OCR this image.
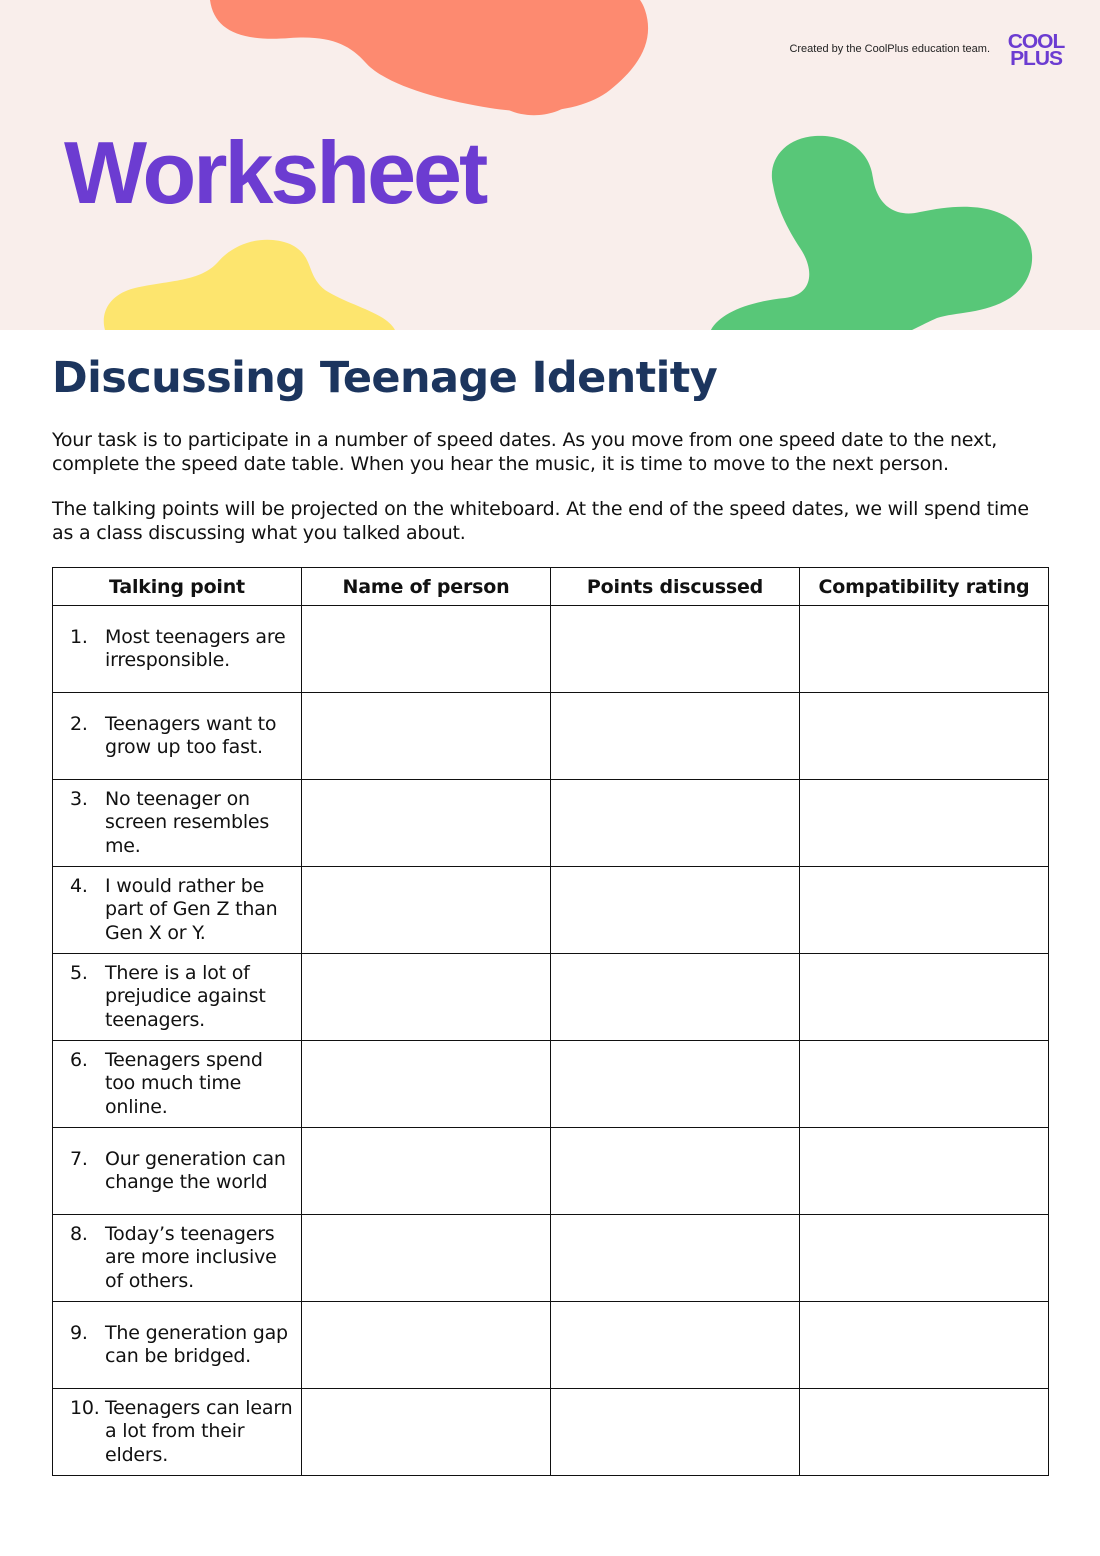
Created by the CoolPlus education team. COOL
PLUS
Worksheet
Discussing Teenage Identity

Your task is to participate in a number of speed dates. As you move from one speed date to the next, complete the speed date table. When you hear the music, it is time to move to the next person.

The talking points will be projected on the whiteboard. At the end of the speed dates, we will spend time as a class discussing what you talked about.

Talking point	Name of person	Points discussed	Compatibility rating

1. Most teenagers are irresponsible.			

2. Teenagers want to grow up too fast.			

3. No teenager on screen resembles me.			

4. I would rather be part of Gen Z than Gen X or Y.			

5. There is a lot of prejudice against teenagers.			

6. Teenagers spend too much time online.			

7. Our generation can change the world			

8. Today’s teenagers are more inclusive of others.			

9. The generation gap can be bridged.			

10. Teenagers can learn a lot from their elders.			
